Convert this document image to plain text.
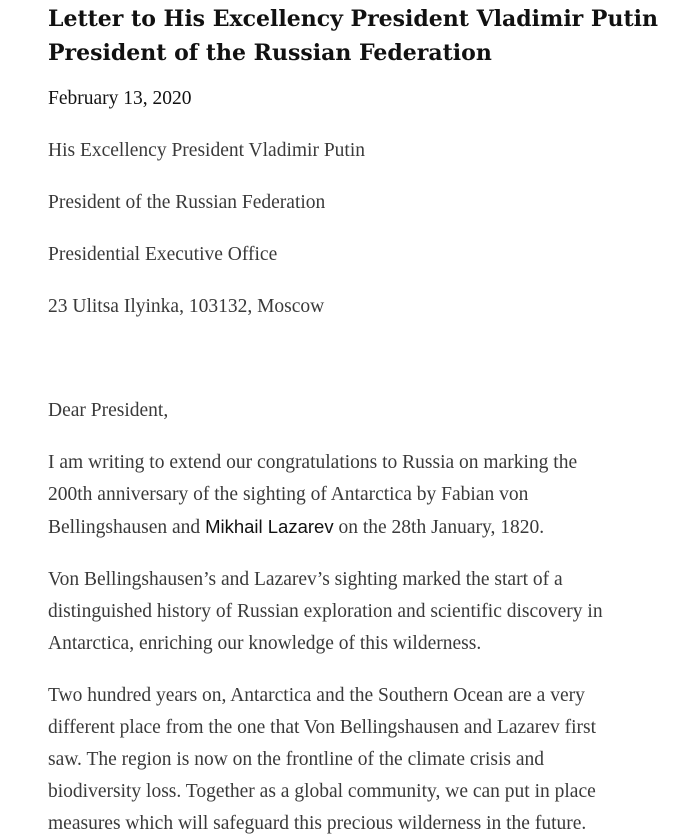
Letter to His Excellency President Vladimir Putin
President of the Russian Federation

February 13, 2020

His Excellency President Vladimir Putin

President of the Russian Federation

Presidential Executive Office

23 Ulitsa Ilyinka, 103132, Moscow

Dear President,

I am writing to extend our congratulations to Russia on marking the

200th anniversary of the sighting of Antarctica by Fabian von

Bellingshausen and Mikhail Lazarev on the 28th January, 1820.

Von Bellingshausen’s and Lazarev’s sighting marked the start of a

distinguished history of Russian exploration and scientific discovery in

Antarctica, enriching our knowledge of this wilderness.

Two hundred years on, Antarctica and the Southern Ocean are a very

different place from the one that Von Bellingshausen and Lazarev first

saw. The region is now on the frontline of the climate crisis and

biodiversity loss. Together as a global community, we can put in place

measures which will safeguard this precious wilderness in the future.
